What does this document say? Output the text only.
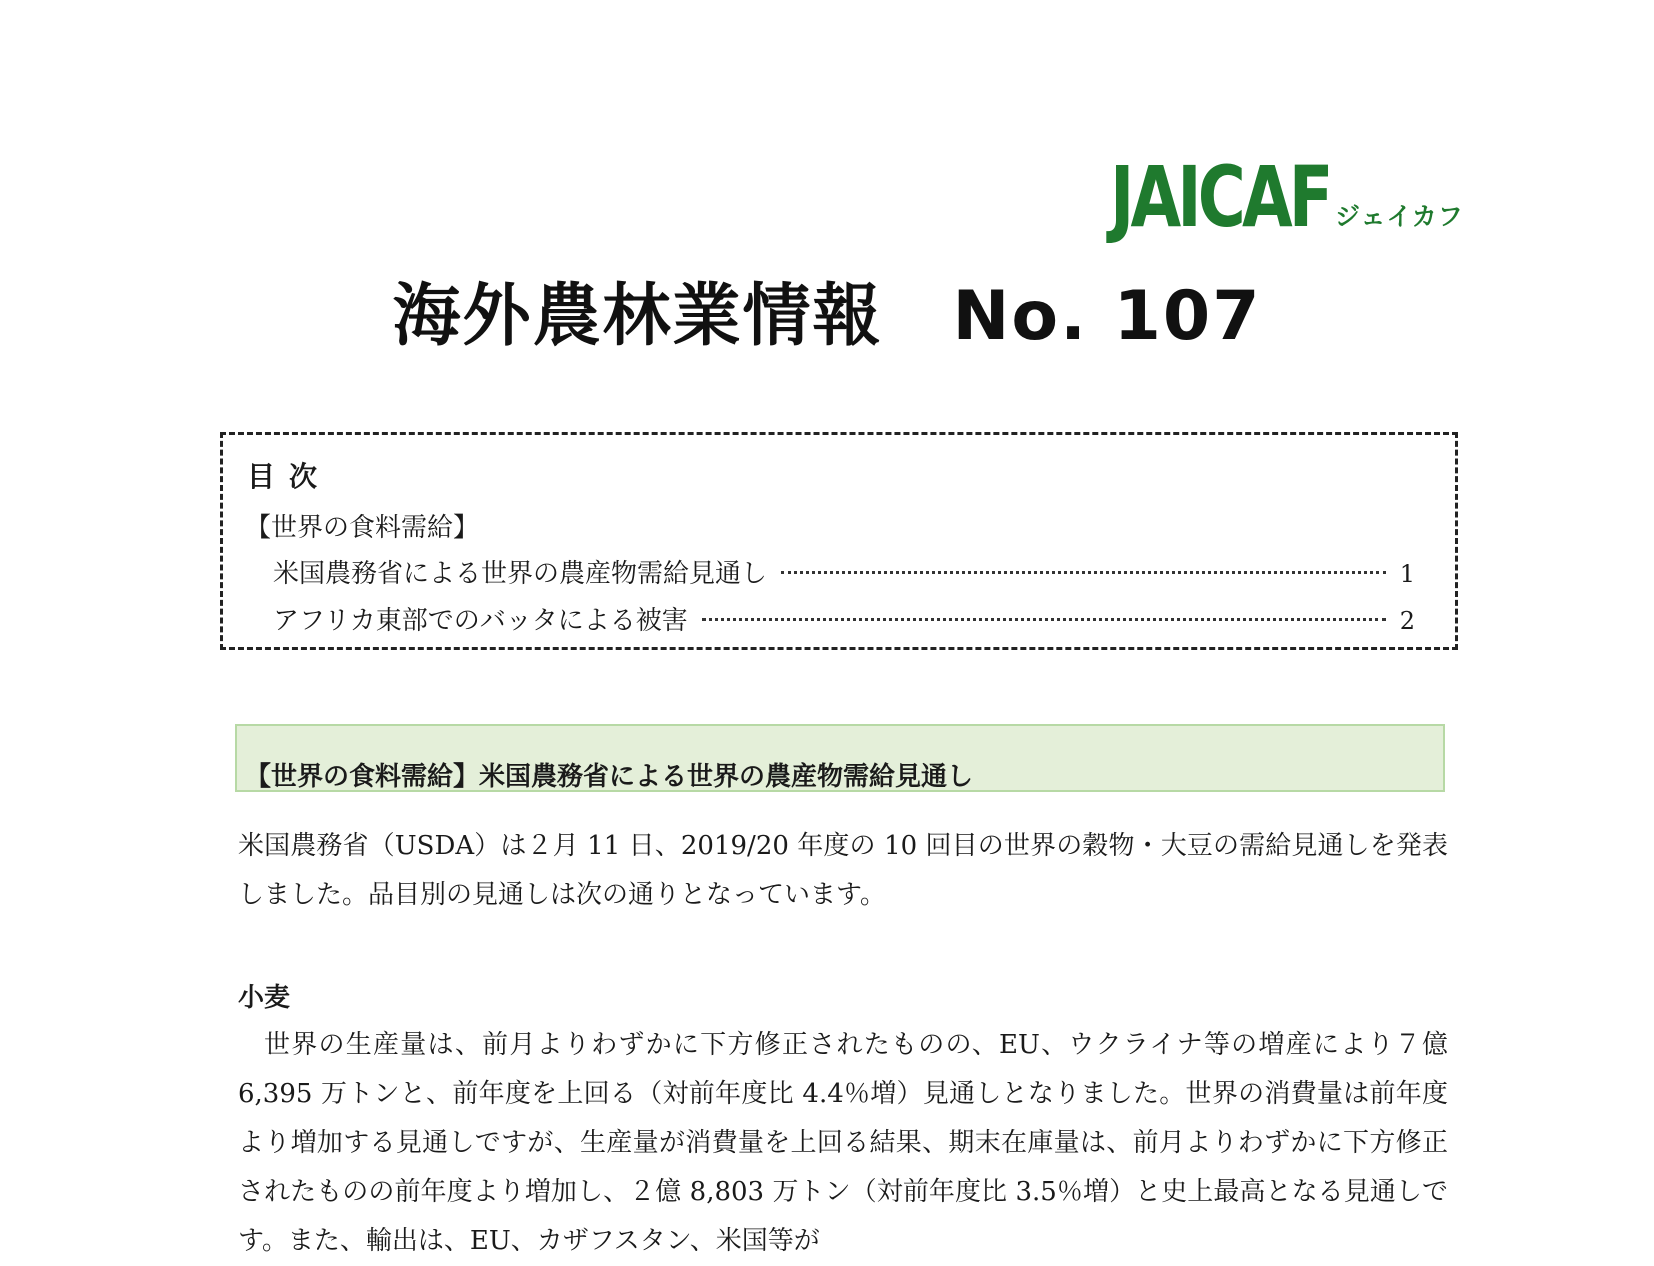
JAICAF ジェイカフ
海外農林業情報　No. 107
目次
【世界の食料需給】
米国農務省による世界の農産物需給見通し	1
アフリカ東部でのバッタによる被害	2
【世界の食料需給】米国農務省による世界の農産物需給見通し
米国農務省（USDA）は２月 11 日、2019/20 年度の 10 回目の世界の穀物・大豆の需給見通しを発表しました。品目別の見通しは次の通りとなっています。
小麦
世界の生産量は、前月よりわずかに下方修正されたものの、EU、ウクライナ等の増産により７億 6,395 万トンと、前年度を上回る（対前年度比 4.4％増）見通しとなりました。世界の消費量は前年度より増加する見通しですが、生産量が消費量を上回る結果、期末在庫量は、前月よりわずかに下方修正されたものの前年度より増加し、２億 8,803 万トン（対前年度比 3.5％増）と史上最高となる見通しです。また、輸出は、EU、カザフスタン、米国等が
